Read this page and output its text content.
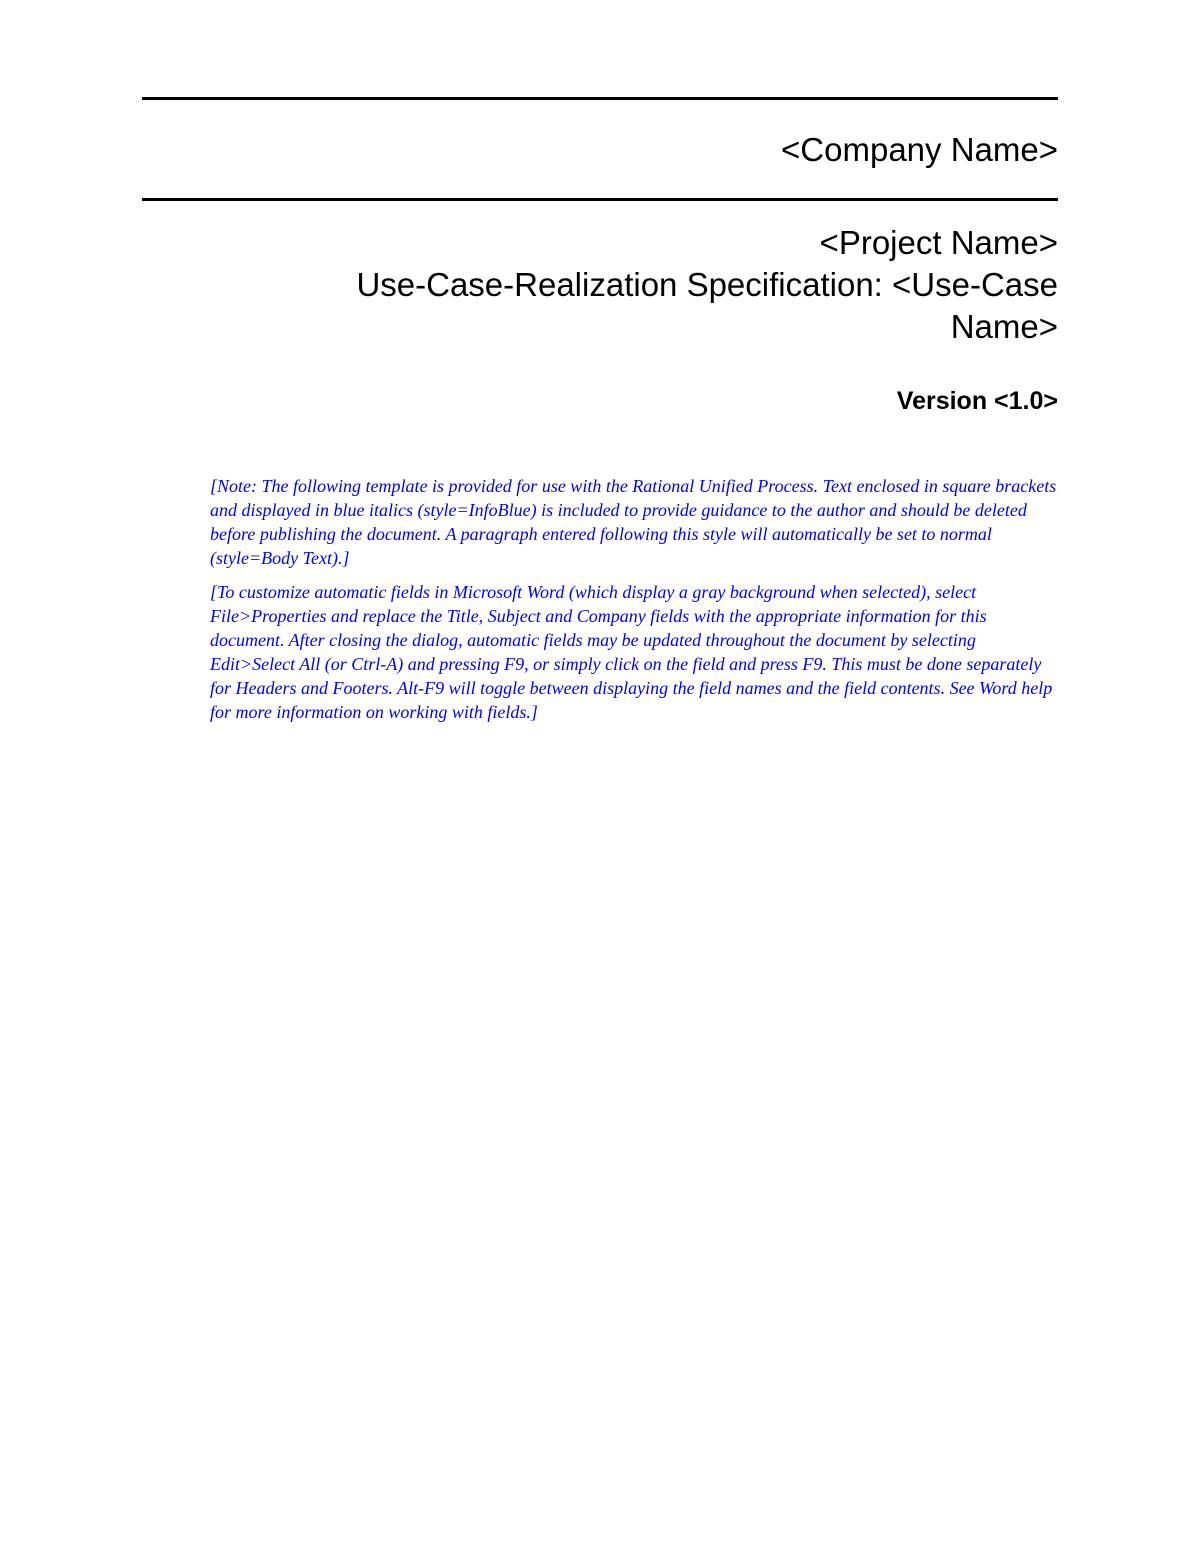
<Company Name>
<Project Name>
Use-Case-Realization Specification: <Use-Case
Name>
Version <1.0>

[Note: The following template is provided for use with the Rational Unified Process. Text enclosed in square brackets and displayed in blue italics (style=InfoBlue) is included to provide guidance to the author and should be deleted before publishing the document. A paragraph entered following this style will automatically be set to normal (style=Body Text).]

[To customize automatic fields in Microsoft Word (which display a gray background when selected), select File>Properties and replace the Title, Subject and Company fields with the appropriate information for this document. After closing the dialog, automatic fields may be updated throughout the document by selecting Edit>Select All (or Ctrl-A) and pressing F9, or simply click on the field and press F9. This must be done separately for Headers and Footers. Alt-F9 will toggle between displaying the field names and the field contents. See Word help for more information on working with fields.]
